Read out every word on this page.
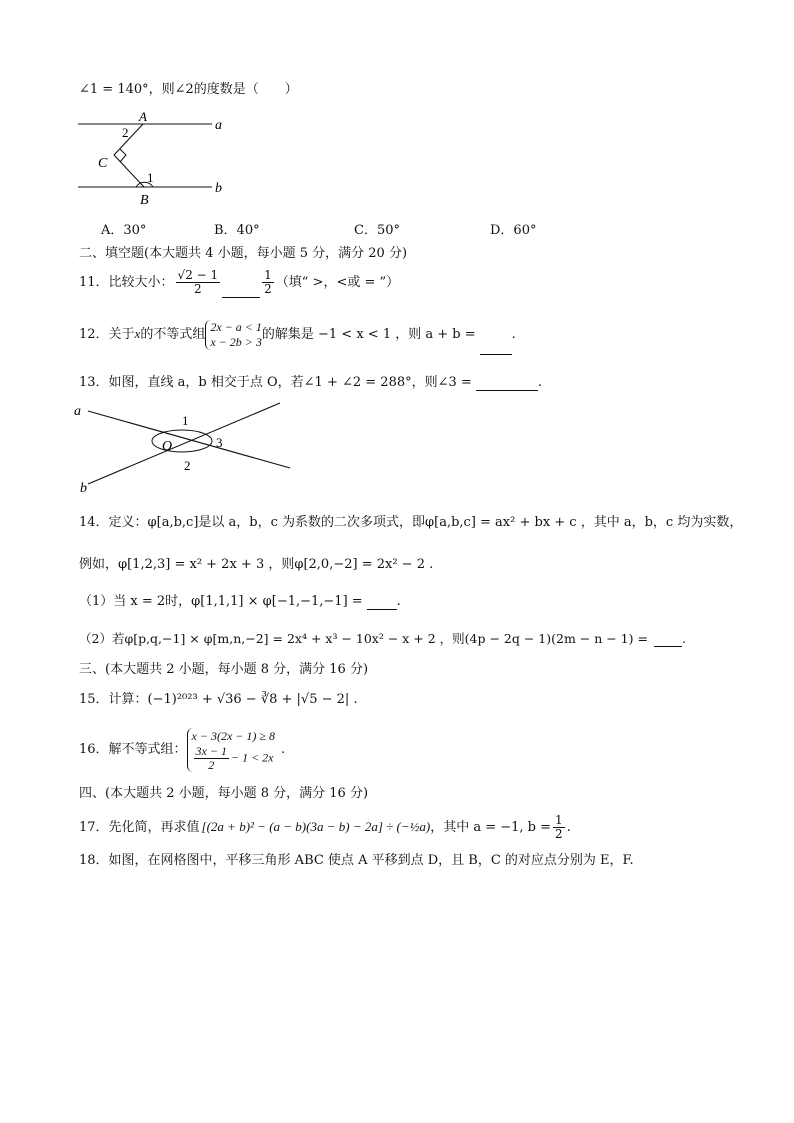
∠1 = 140°，则∠2的度数是（　　）
A
2	a
C
1
b
B
A．30°	B．40°	C．50°	D．60°
二、填空题(本大题共 4 小题，每小题 5 分，满分 20 分)
11．比较大小： $\frac{√2 - 1}{2}$	$\frac{1}{2}$ （填“ >，<或 = ”）
12．关于x的不等式组
2x − a < 1
x − 2b > 3 的解集是 −1 < x < 1 ，则 a + b =	.
13．如图，直线 a，b 相交于点 O，若∠1 + ∠2 = 288°，则∠3 =	.
a
1
O	3
2
b
14．定义：φ[a,b,c]是以 a，b，c 为系数的二次多项式，即φ[a,b,c] = ax² + bx + c ，其中 a，b，c 均为实数，
例如，φ[1,2,3] = x² + 2x + 3 ，则φ[2,0,−2] = 2x² − 2 .
（1）当 x = 2时，φ[1,1,1] × φ[−1,−1,−1] =	.
（2）若φ[p,q,−1] × φ[m,n,−2] = 2x⁴ + x³ − 10x² − x + 2 ，则(4p − 2q − 1)(2m − n − 1) =	.
三、(本大题共 2 小题，每小题 8 分，满分 16 分)
15．计算：(−1)²⁰²³ + √36 − ∛8 + |√5 − 2| .
16．解不等式组：
x − 3(2x − 1) ≥ 8
$\frac{3x - 1}{2} - 1 < 2x$ .
四、(本大题共 2 小题，每小题 8 分，满分 16 分)
17．先化简，再求值 [(2a + b)² − (a − b)(3a − b) − 2a] ÷ (−½a)，其中 a = −1, $b = \frac{1}{2}$ .
18．如图，在网格图中，平移三角形 ABC 使点 A 平移到点 D，且 B，C 的对应点分别为 E，F.
